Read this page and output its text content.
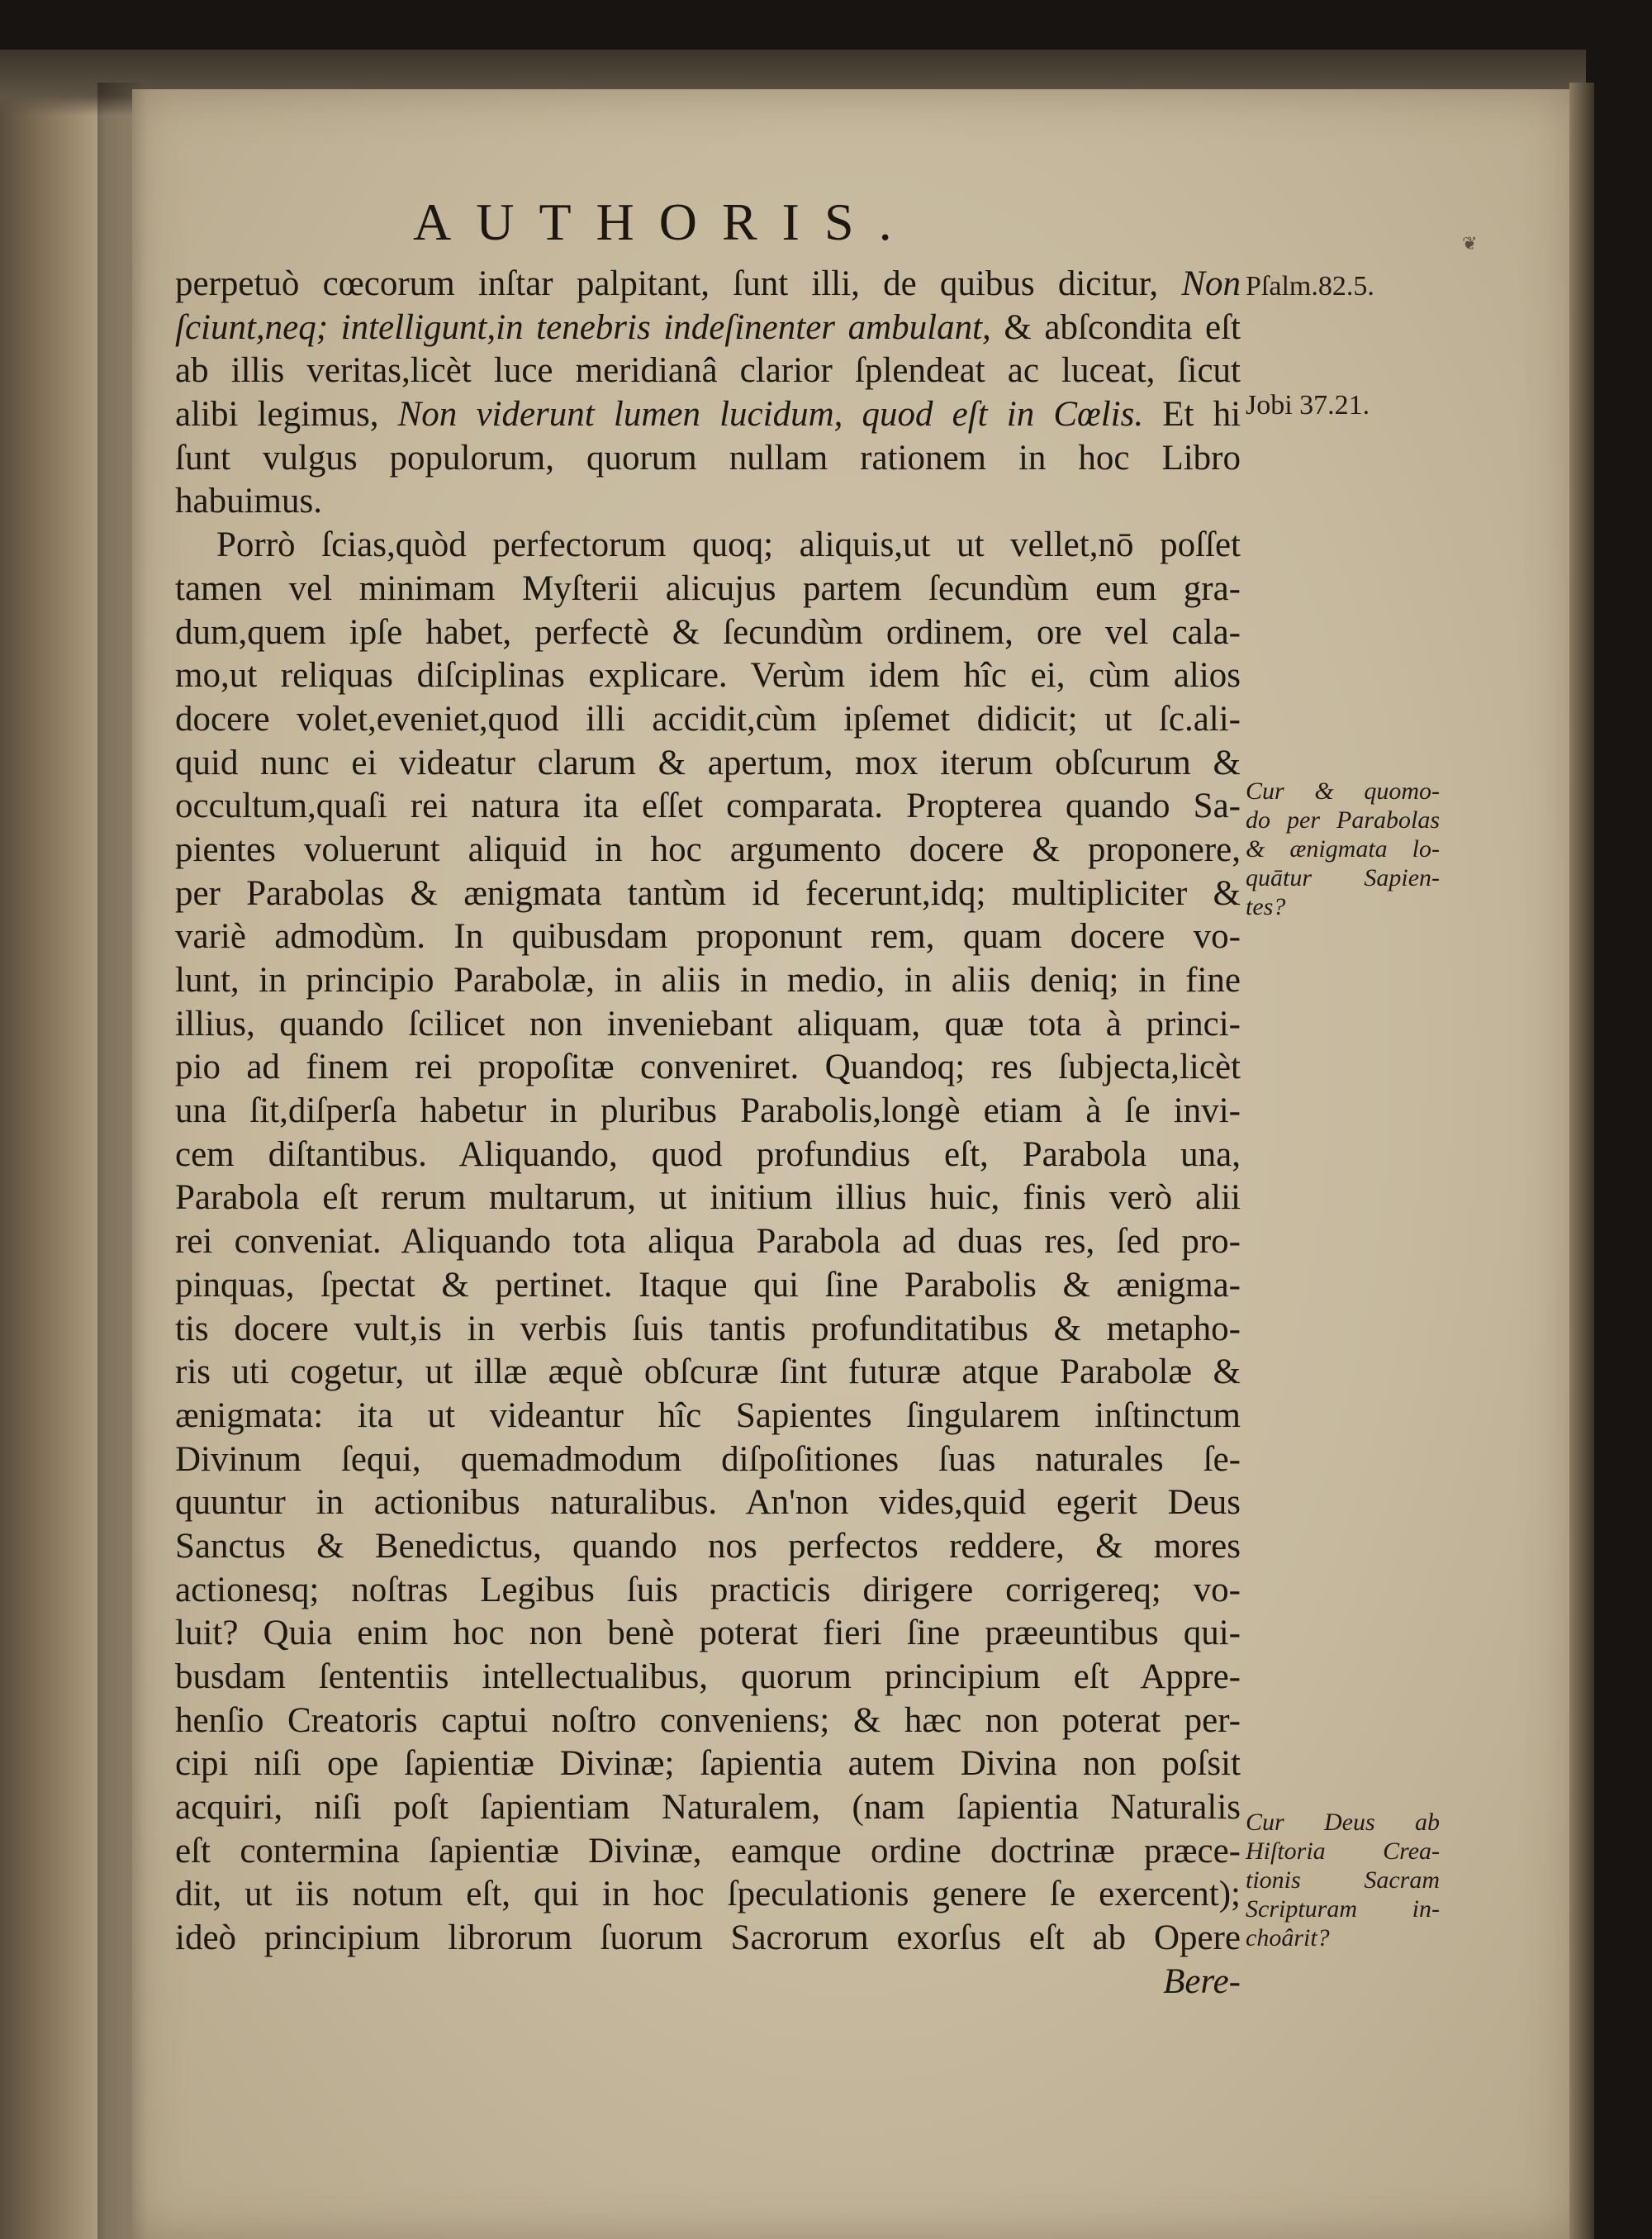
AUTHORIS.	❦
perpetuò cœcorum inſtar palpitant, ſunt illi, de quibus dicitur, Non
ſciunt,neq; intelligunt,in tenebris indeſinenter ambulant, & abſcondita eſt
ab illis veritas,licèt luce meridianâ clarior ſplendeat ac luceat, ſicut
alibi legimus, Non viderunt lumen lucidum, quod eſt in Cœlis. Et hi
ſunt vulgus populorum, quorum nullam rationem in hoc Libro
habuimus.
Porrò ſcias,quòd perfectorum quoq; aliquis,ut ut vellet,nō poſſet
tamen vel minimam Myſterii alicujus partem ſecundùm eum gra-
dum,quem ipſe habet, perfectè & ſecundùm ordinem, ore vel cala-
mo,ut reliquas diſciplinas explicare. Verùm idem hîc ei, cùm alios
docere volet,eveniet,quod illi accidit,cùm ipſemet didicit; ut ſc.ali-
quid nunc ei videatur clarum & apertum, mox iterum obſcurum &
occultum,quaſi rei natura ita eſſet comparata. Propterea quando Sa-
pientes voluerunt aliquid in hoc argumento docere & proponere,
per Parabolas & ænigmata tantùm id fecerunt,idq; multipliciter &
variè admodùm. In quibusdam proponunt rem, quam docere vo-
lunt, in principio Parabolæ, in aliis in medio, in aliis deniq; in fine
illius, quando ſcilicet non inveniebant aliquam, quæ tota à princi-
pio ad finem rei propoſitæ conveniret. Quandoq; res ſubjecta,licèt
una ſit,diſperſa habetur in pluribus Parabolis,longè etiam à ſe invi-
cem diſtantibus. Aliquando, quod profundius eſt, Parabola una,
Parabola eſt rerum multarum, ut initium illius huic, finis verò alii
rei conveniat. Aliquando tota aliqua Parabola ad duas res, ſed pro-
pinquas, ſpectat & pertinet. Itaque qui ſine Parabolis & ænigma-
tis docere vult,is in verbis ſuis tantis profunditatibus & metapho-
ris uti cogetur, ut illæ æquè obſcuræ ſint futuræ atque Parabolæ &
ænigmata: ita ut videantur hîc Sapientes ſingularem inſtinctum
Divinum ſequi, quemadmodum diſpoſitiones ſuas naturales ſe-
quuntur in actionibus naturalibus. An'non vides,quid egerit Deus
Sanctus & Benedictus, quando nos perfectos reddere, & mores
actionesq; noſtras Legibus ſuis practicis dirigere corrigereq; vo-
luit? Quia enim hoc non benè poterat fieri ſine præeuntibus qui-
busdam ſententiis intellectualibus, quorum principium eſt Appre-
henſio Creatoris captui noſtro conveniens; & hæc non poterat per-
cipi niſi ope ſapientiæ Divinæ; ſapientia autem Divina non poſsit
acquiri, niſi poſt ſapientiam Naturalem, (nam ſapientia Naturalis
eſt contermina ſapientiæ Divinæ, eamque ordine doctrinæ præce-
dit, ut iis notum eſt, qui in hoc ſpeculationis genere ſe exercent);
ideò principium librorum ſuorum Sacrorum exorſus eſt ab Opere
Bere-
Pſalm.82.5.
Jobi 37.21.
Cur & quomo-
do per Parabolas
& ænigmata lo-
quātur Sapien-
tes?
Cur Deus ab
Hiſtoria Crea-
tionis Sacram
Scripturam in-
choârit?
